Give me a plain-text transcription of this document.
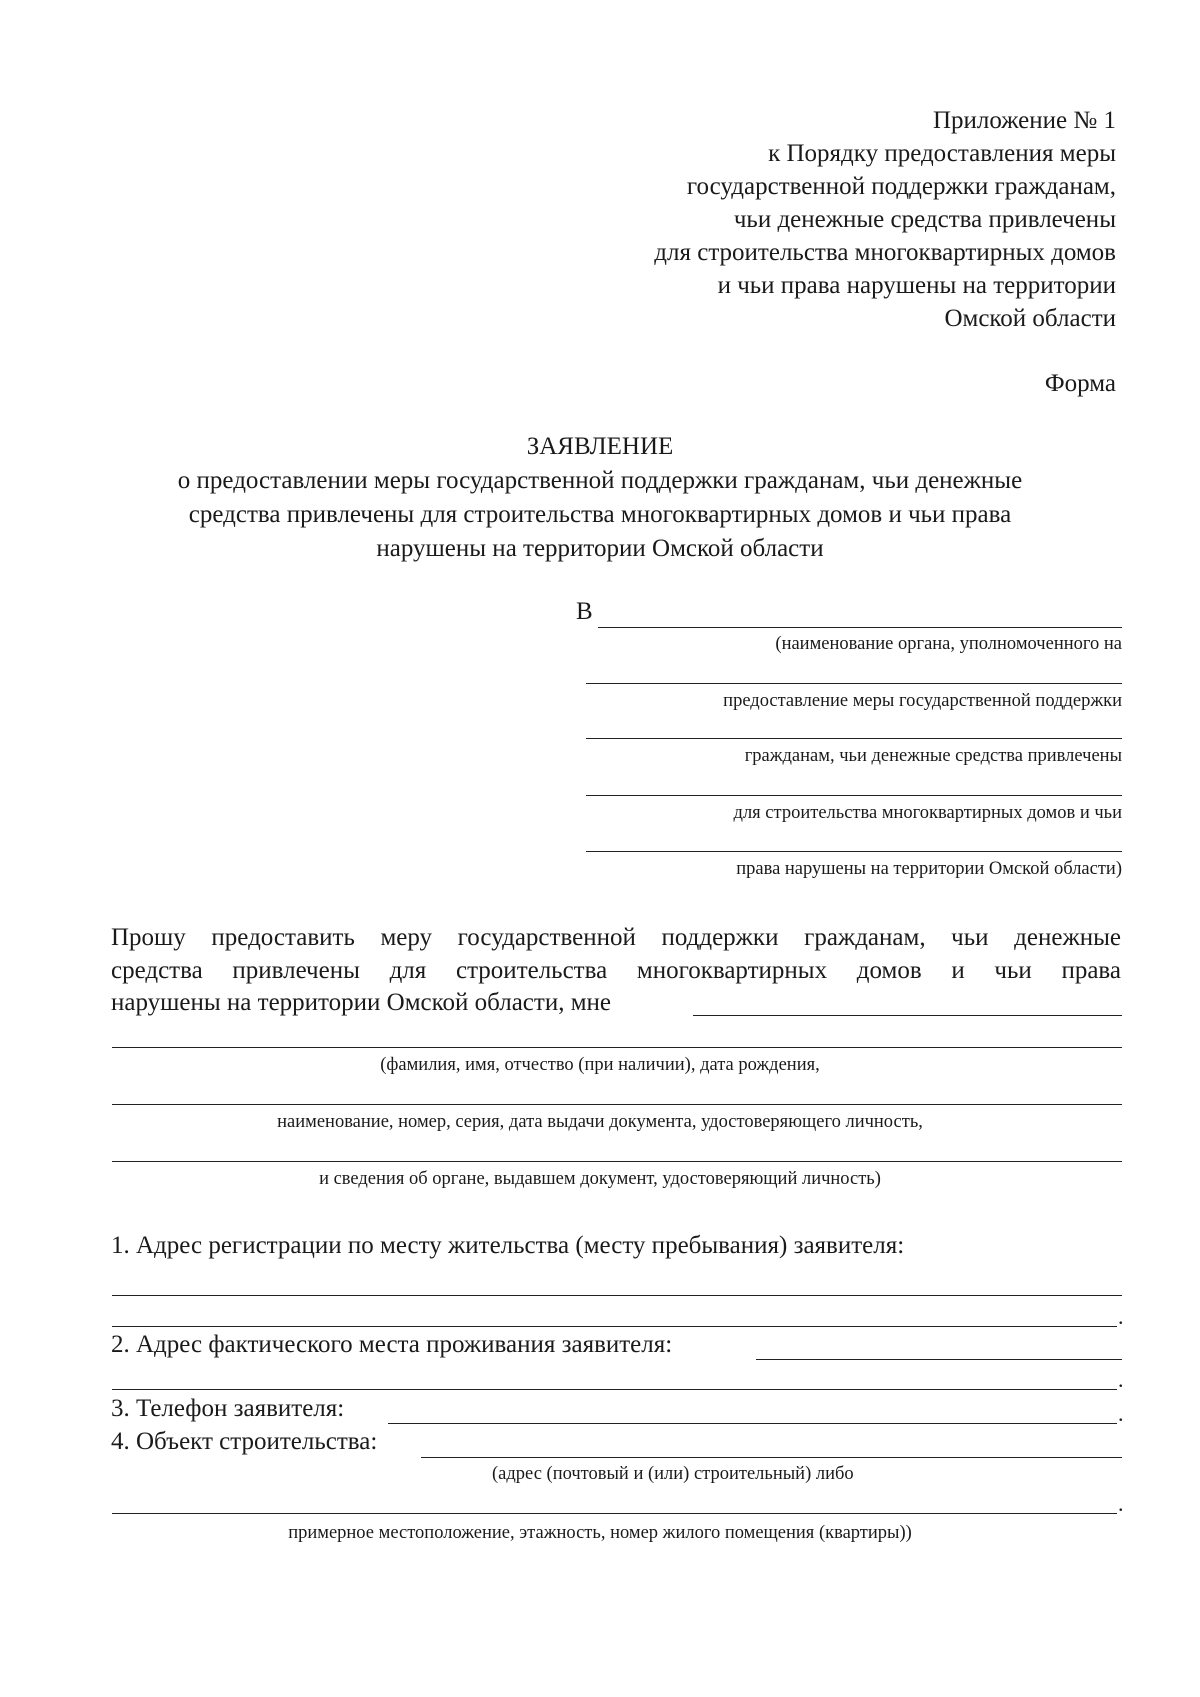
Приложение № 1
к Порядку предоставления меры
государственной поддержки гражданам,
чьи денежные средства привлечены
для строительства многоквартирных домов
и чьи права нарушены на территории
Омской области
Форма
ЗАЯВЛЕНИЕ
о предоставлении меры государственной поддержки гражданам, чьи денежные
средства привлечены для строительства многоквартирных домов и чьи права
нарушены на территории Омской области
В
(наименование органа, уполномоченного на
предоставление меры государственной поддержки
гражданам, чьи денежные средства привлечены
для строительства многоквартирных домов и чьи
права нарушены на территории Омской области)
Прошу предоставить меру государственной поддержки гражданам, чьи денежные
средства привлечены для строительства многоквартирных домов и чьи права
нарушены на территории Омской области, мне
(фамилия, имя, отчество (при наличии), дата рождения,
наименование, номер, серия, дата выдачи документа, удостоверяющего личность,
и сведения об органе, выдавшем документ, удостоверяющий личность)
1. Адрес регистрации по месту жительства (месту пребывания) заявителя:
.
2. Адрес фактического места проживания заявителя:
.
3. Телефон заявителя:	.
4. Объект строительства:
(адрес (почтовый и (или) строительный) либо
.
примерное местоположение, этажность, номер жилого помещения (квартиры))
